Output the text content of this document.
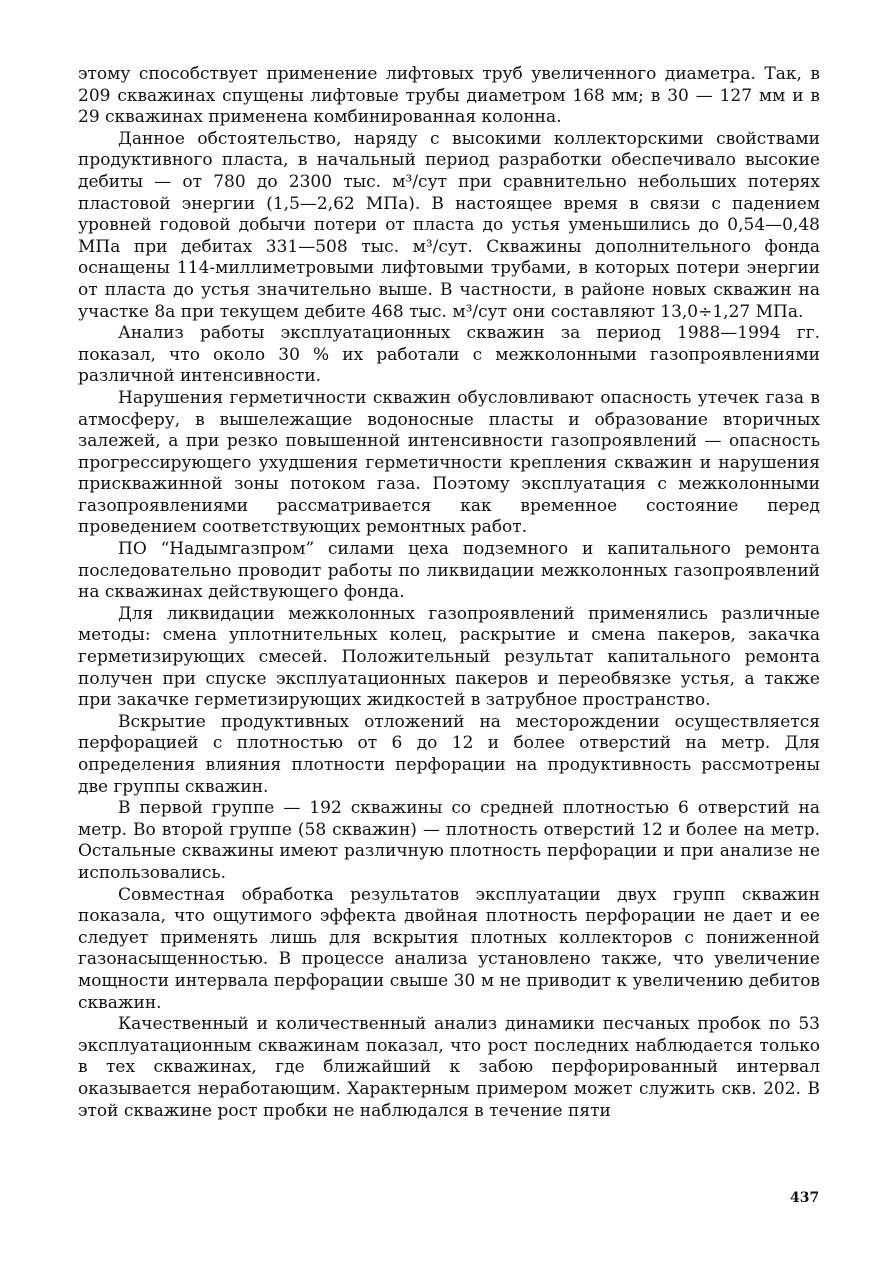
этому способствует применение лифтовых труб увеличенного диаметра. Так, в 209 скважинах спущены лифтовые трубы диаметром 168 мм; в 30 — 127 мм и в 29 скважинах применена комбинированная колонна.

Данное обстоятельство, наряду с высокими коллекторскими свойствами продуктивного пласта, в начальный период разработки обеспечивало высокие дебиты — от 780 до 2300 тыс. м³/сут при сравнительно небольших потерях пластовой энергии (1,5—2,62 МПа). В настоящее время в связи с падением уровней годовой добычи потери от пласта до устья уменьшились до 0,54—0,48 МПа при дебитах 331—508 тыс. м³/сут. Скважины дополнительного фонда оснащены 114-миллиметровыми лифтовыми трубами, в которых потери энергии от пласта до устья значительно выше. В частности, в районе новых скважин на участке 8а при текущем дебите 468 тыс. м³/сут они составляют 13,0÷1,27 МПа.

Анализ работы эксплуатационных скважин за период 1988—1994 гг. показал, что около 30 % их работали с межколонными газопроявлениями различной интенсивности.

Нарушения герметичности скважин обусловливают опасность утечек газа в атмосферу, в вышележащие водоносные пласты и образование вторичных залежей, а при резко повышенной интенсивности газопроявлений — опасность прогрессирующего ухудшения герметичности крепления скважин и нарушения прискважинной зоны потоком газа. Поэтому эксплуатация с межколонными газопроявлениями рассматривается как временное состояние перед проведением соответствующих ремонтных работ.

ПО “Надымгазпром” силами цеха подземного и капитального ремонта последовательно проводит работы по ликвидации межколонных газопроявлений на скважинах действующего фонда.

Для ликвидации межколонных газопроявлений применялись различные методы: смена уплотнительных колец, раскрытие и смена пакеров, закачка герметизирующих смесей. Положительный результат капитального ремонта получен при спуске эксплуатационных пакеров и переобвязке устья, а также при закачке герметизирующих жидкостей в затрубное пространство.

Вскрытие продуктивных отложений на месторождении осуществляется перфорацией с плотностью от 6 до 12 и более отверстий на метр. Для определения влияния плотности перфорации на продуктивность рассмотрены две группы скважин.

В первой группе — 192 скважины со средней плотностью 6 отверстий на метр. Во второй группе (58 скважин) — плотность отверстий 12 и более на метр. Остальные скважины имеют различную плотность перфорации и при анализе не использовались.

Совместная обработка результатов эксплуатации двух групп скважин показала, что ощутимого эффекта двойная плотность перфорации не дает и ее следует применять лишь для вскрытия плотных коллекторов с пониженной газонасыщенностью. В процессе анализа установлено также, что увеличение мощности интервала перфорации свыше 30 м не приводит к увеличению дебитов скважин.

Качественный и количественный анализ динамики песчаных пробок по 53 эксплуатационным скважинам показал, что рост последних наблюдается только в тех скважинах, где ближайший к забою перфорированный интервал оказывается неработающим. Характерным примером может служить скв. 202. В этой скважине рост пробки не наблюдался в течение пяти

437
